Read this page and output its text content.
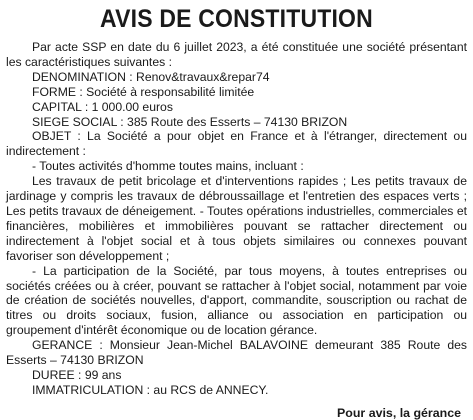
AVIS DE CONSTITUTION

Par acte SSP en date du 6 juillet 2023, a été constituée une société présentant les caractéristiques suivantes :

DENOMINATION : Renov&travaux&repar74

FORME : Société à responsabilité limitée

CAPITAL : 1 000.00 euros

SIEGE SOCIAL : 385 Route des Esserts – 74130 BRIZON

OBJET : La Société a pour objet en France et à l'étranger, directement ou indirectement :

- Toutes activités d'homme toutes mains, incluant :

Les travaux de petit bricolage et d'interventions rapides ; Les petits travaux de jardinage y compris les travaux de débroussaillage et l'entretien des espaces verts ; Les petits travaux de déneigement. - Toutes opérations industrielles, commerciales et financières, mobilières et immobilières pouvant se rattacher directement ou indirectement à l'objet social et à tous objets similaires ou connexes pouvant favoriser son développement ;

- La participation de la Société, par tous moyens, à toutes entreprises ou sociétés créées ou à créer, pouvant se rattacher à l'objet social, notamment par voie de création de sociétés nouvelles, d'apport, commandite, souscription ou rachat de titres ou droits sociaux, fusion, alliance ou association en participation ou groupement d'intérêt économique ou de location gérance.

GERANCE : Monsieur Jean-Michel BALAVOINE demeurant 385 Route des Esserts – 74130 BRIZON

DUREE : 99 ans

IMMATRICULATION : au RCS de ANNECY.

Pour avis, la gérance
